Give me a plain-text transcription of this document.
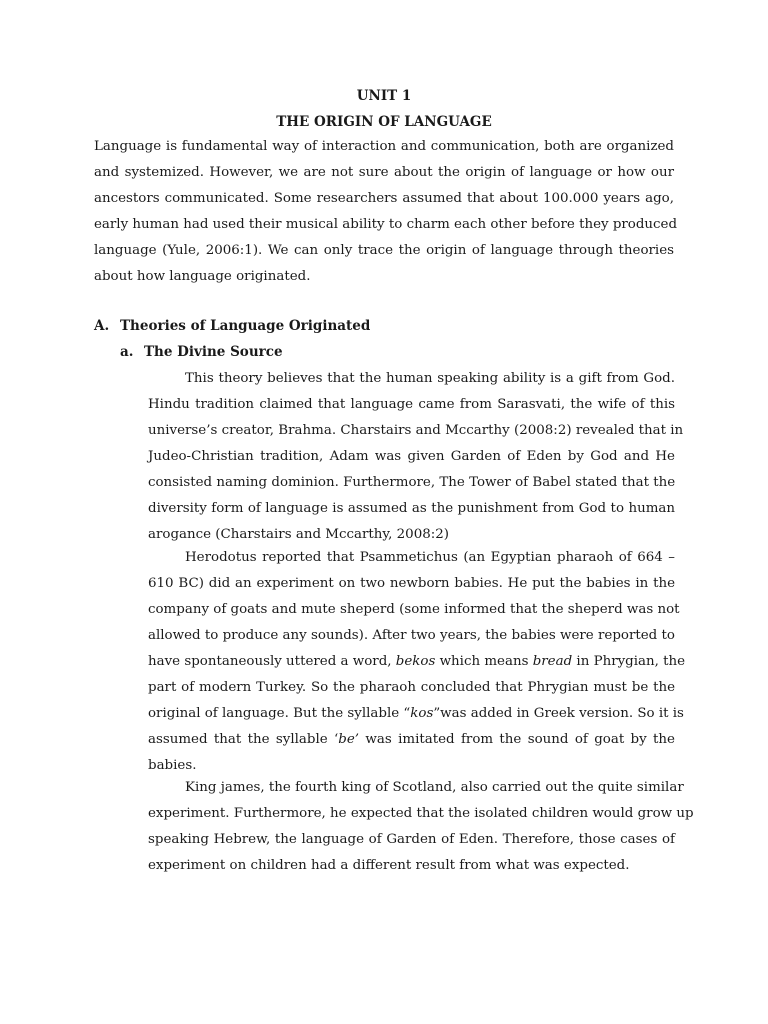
UNIT 1
THE ORIGIN OF LANGUAGE
Language is fundamental way of interaction and communication, both are organized
and systemized. However, we are not sure about the origin of language or how our
ancestors communicated. Some researchers assumed that about 100.000 years ago,
early human had used their musical ability to charm each other before they produced
language (Yule, 2006:1). We can only trace the origin of language through theories
about how language originated.
A. Theories of Language Originated
a. The Divine Source
This theory believes that the human speaking ability is a gift from God.
Hindu tradition claimed that language came from Sarasvati, the wife of this
universe’s creator, Brahma. Charstairs and Mccarthy (2008:2) revealed that in
Judeo-Christian tradition, Adam was given Garden of Eden by God and He
consisted naming dominion. Furthermore, The Tower of Babel stated that the
diversity form of language is assumed as the punishment from God to human
arogance (Charstairs and Mccarthy, 2008:2)
Herodotus reported that Psammetichus (an Egyptian pharaoh of 664 –
610 BC) did an experiment on two newborn babies. He put the babies in the
company of goats and mute sheperd (some informed that the sheperd was not
allowed to produce any sounds). After two years, the babies were reported to
have spontaneously uttered a word, bekos which means bread in Phrygian, the
part of modern Turkey. So the pharaoh concluded that Phrygian must be the
original of language. But the syllable “kos”was added in Greek version. So it is
assumed that the syllable ‘be’ was imitated from the sound of goat by the
babies.
King james, the fourth king of Scotland, also carried out the quite similar
experiment. Furthermore, he expected that the isolated children would grow up
speaking Hebrew, the language of Garden of Eden. Therefore, those cases of
experiment on children had a different result from what was expected.
